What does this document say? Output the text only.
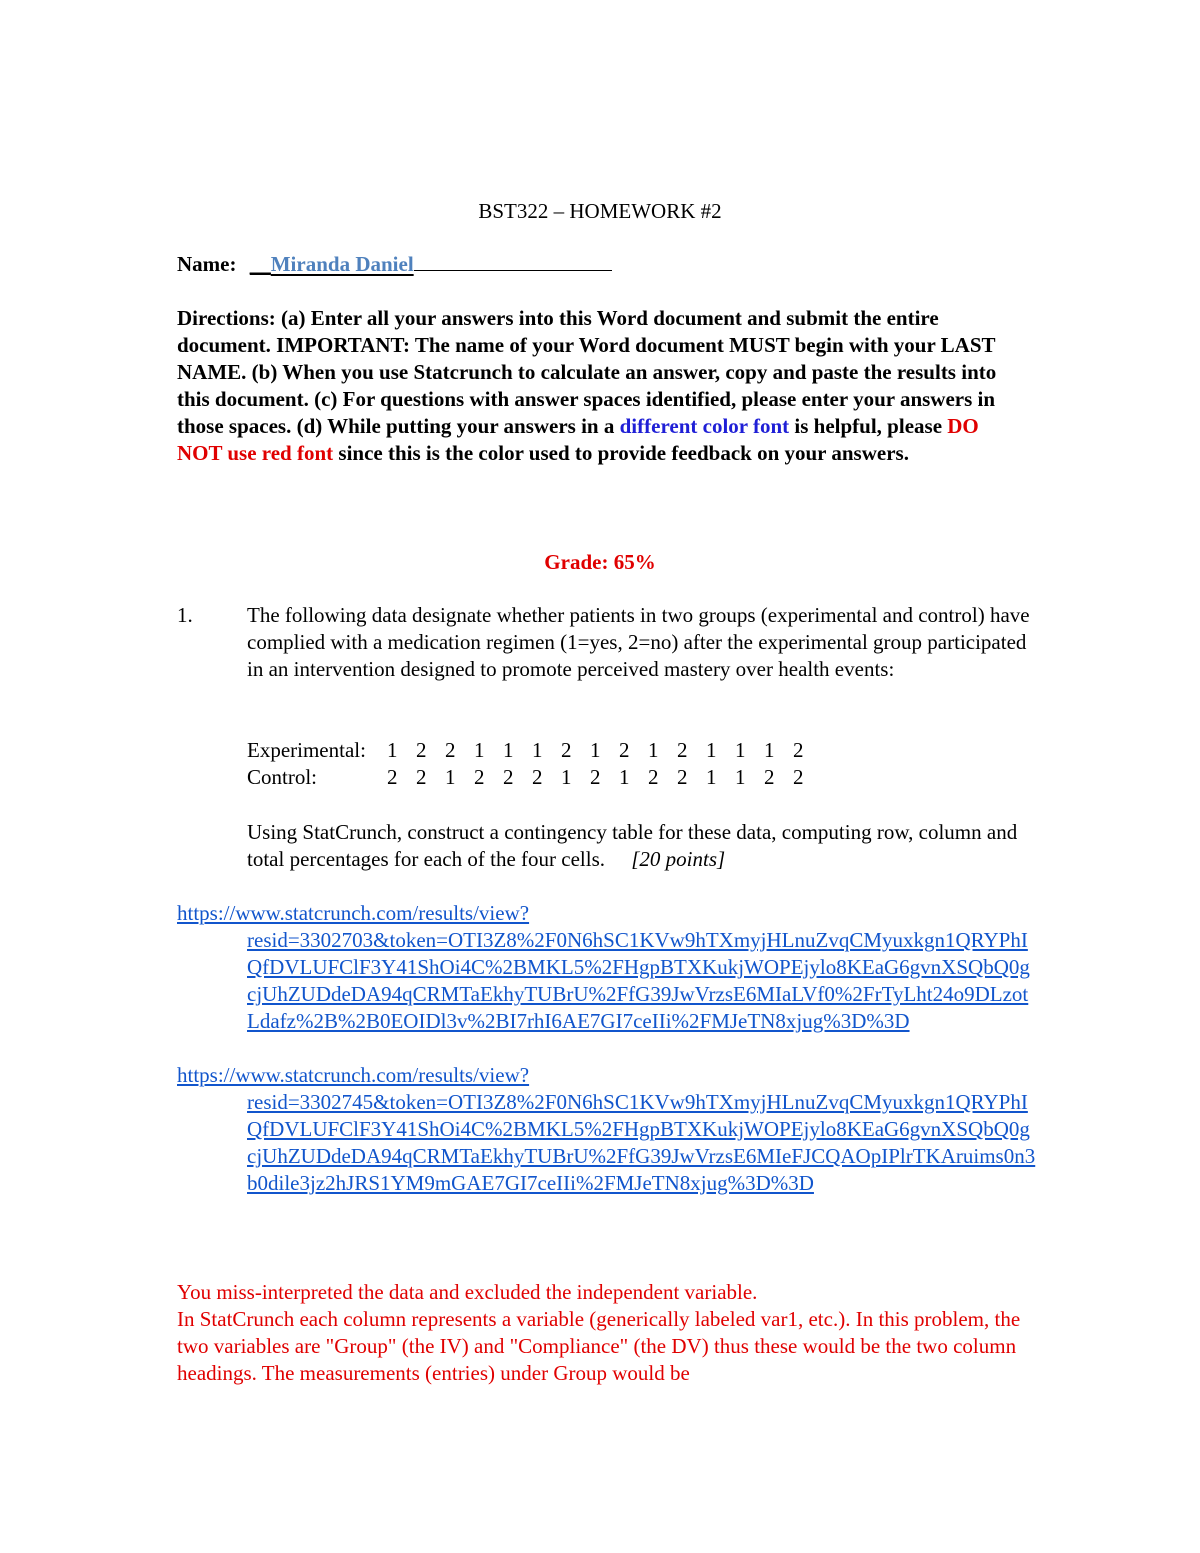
BST322 – HOMEWORK #2
Name: __Miranda Daniel
Directions: (a) Enter all your answers into this Word document and submit the entire document. IMPORTANT: The name of your Word document MUST begin with your LAST NAME. (b) When you use Statcrunch to calculate an answer, copy and paste the results into this document. (c) For questions with answer spaces identified, please enter your answers in those spaces. (d) While putting your answers in a different color font is helpful, please DO NOT use red font since this is the color used to provide feedback on your answers.
Grade: 65%
1.	The following data designate whether patients in two groups (experimental and control) have complied with a medication regimen (1=yes, 2=no) after the experimental group participated in an intervention designed to promote perceived mastery over health events:
Experimental: 1 2 2 1 1 1 2 1 2 1 2 1 1 1 2
Control:	2 2 1 2 2 2 1 2 1 2 2 1 1 2 2
Using StatCrunch, construct a contingency table for these data, computing row, column and total percentages for each of the four cells. [20 points]
https://www.statcrunch.com/results/view?
resid=3302703&token=OTI3Z8%2F0N6hSC1KVw9hTXmyjHLnuZvqCMyuxkgn1QRYPhIQfDVLUFClF3Y41ShOi4C%2BMKL5%2FHgpBTXKukjWOPEjylo8KEaG6gvnXSQbQ0gcjUhZUDdeDA94qCRMTaEkhyTUBrU%2FfG39JwVrzsE6MIaLVf0%2FrTyLht24o9DLzotLdafz%2B%2B0EOIDl3v%2BI7rhI6AE7GI7ceIIi%2FMJeTN8xjug%3D%3D
https://www.statcrunch.com/results/view?
resid=3302745&token=OTI3Z8%2F0N6hSC1KVw9hTXmyjHLnuZvqCMyuxkgn1QRYPhIQfDVLUFClF3Y41ShOi4C%2BMKL5%2FHgpBTXKukjWOPEjylo8KEaG6gvnXSQbQ0gcjUhZUDdeDA94qCRMTaEkhyTUBrU%2FfG39JwVrzsE6MIeFJCQAOpIPlrTKAruims0n3b0dile3jz2hJRS1YM9mGAE7GI7ceIIi%2FMJeTN8xjug%3D%3D

You miss-interpreted the data and excluded the independent variable.

In StatCrunch each column represents a variable (generically labeled var1, etc.). In this problem, the two variables are "Group" (the IV) and "Compliance" (the DV) thus these would be the two column headings. The measurements (entries) under Group would be
